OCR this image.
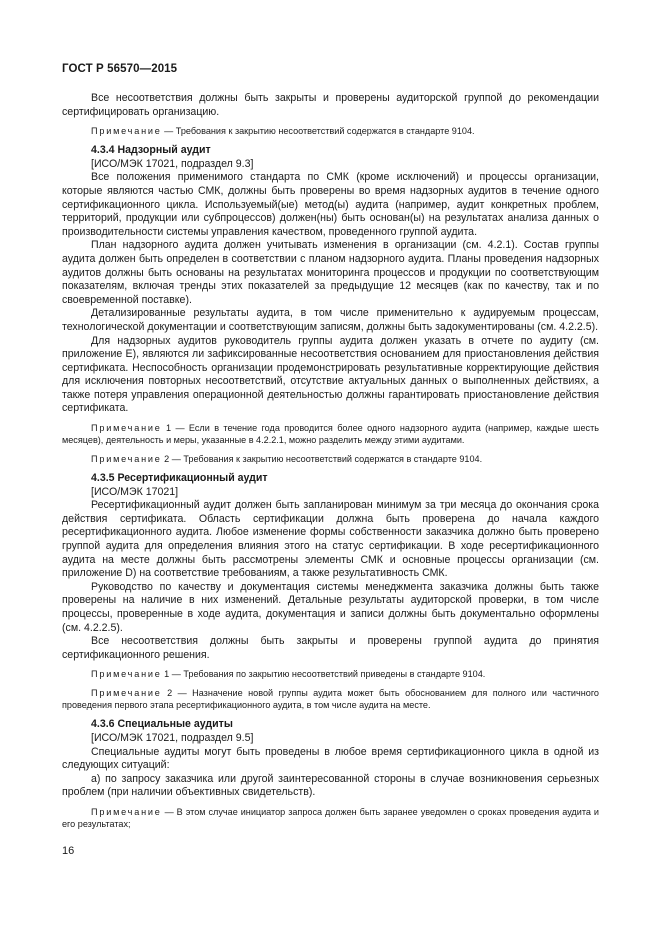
ГОСТ Р 56570—2015

Все несоответствия должны быть закрыты и проверены аудиторской группой до рекомендации сертифицировать организацию.

Примечание — Требования к закрытию несоответствий содержатся в стандарте 9104.
4.3.4 Надзорный аудит
[ИСО/МЭК 17021, подраздел 9.3]

Все положения применимого стандарта по СМК (кроме исключений) и процессы организации, которые являются частью СМК, должны быть проверены во время надзорных аудитов в течение одного сертификационного цикла. Используемый(ые) метод(ы) аудита (например, аудит конкретных проблем, территорий, продукции или субпроцессов) должен(ны) быть основан(ы) на результатах анализа данных о производительности системы управления качеством, проведенного группой аудита.

План надзорного аудита должен учитывать изменения в организации (см. 4.2.1). Состав группы аудита должен быть определен в соответствии с планом надзорного аудита. Планы проведения надзорных аудитов должны быть основаны на результатах мониторинга процессов и продукции по соответствующим показателям, включая тренды этих показателей за предыдущие 12 месяцев (как по качеству, так и по своевременной поставке).

Детализированные результаты аудита, в том числе применительно к аудируемым процессам, технологической документации и соответствующим записям, должны быть задокументированы (см. 4.2.2.5).

Для надзорных аудитов руководитель группы аудита должен указать в отчете по аудиту (см. приложение Е), являются ли зафиксированные несоответствия основанием для приостановления действия сертификата. Неспособность организации продемонстрировать результативные корректирующие действия для исключения повторных несоответствий, отсутствие актуальных данных о выполненных действиях, а также потеря управления операционной деятельностью должны гарантировать приостановление действия сертификата.

Примечание 1 — Если в течение года проводится более одного надзорного аудита (например, каждые шесть месяцев), деятельность и меры, указанные в 4.2.2.1, можно разделить между этими аудитами.
Примечание 2 — Требования к закрытию несоответствий содержатся в стандарте 9104.
4.3.5 Ресертификационный аудит
[ИСО/МЭК 17021]

Ресертификационный аудит должен быть запланирован минимум за три месяца до окончания срока действия сертификата. Область сертификации должна быть проверена до начала каждого ресертификационного аудита. Любое изменение формы собственности заказчика должно быть проверено группой аудита для определения влияния этого на статус сертификации. В ходе ресертификационного аудита на месте должны быть рассмотрены элементы СМК и основные процессы организации (см. приложение D) на соответствие требованиям, а также результативность СМК.

Руководство по качеству и документация системы менеджмента заказчика должны быть также проверены на наличие в них изменений. Детальные результаты аудиторской проверки, в том числе процессы, проверенные в ходе аудита, документация и записи должны быть документально оформлены (см. 4.2.2.5).

Все несоответствия должны быть закрыты и проверены группой аудита до принятия сертификационного решения.

Примечание 1 — Требования по закрытию несоответствий приведены в стандарте 9104.
Примечание 2 — Назначение новой группы аудита может быть обоснованием для полного или частичного проведения первого этапа ресертификационного аудита, в том числе аудита на месте.
4.3.6 Специальные аудиты
[ИСО/МЭК 17021, подраздел 9.5]

Специальные аудиты могут быть проведены в любое время сертификационного цикла в одной из следующих ситуаций:

а) по запросу заказчика или другой заинтересованной стороны в случае возникновения серьезных проблем (при наличии объективных свидетельств).

Примечание — В этом случае инициатор запроса должен быть заранее уведомлен о сроках проведения аудита и его результатах;
16
